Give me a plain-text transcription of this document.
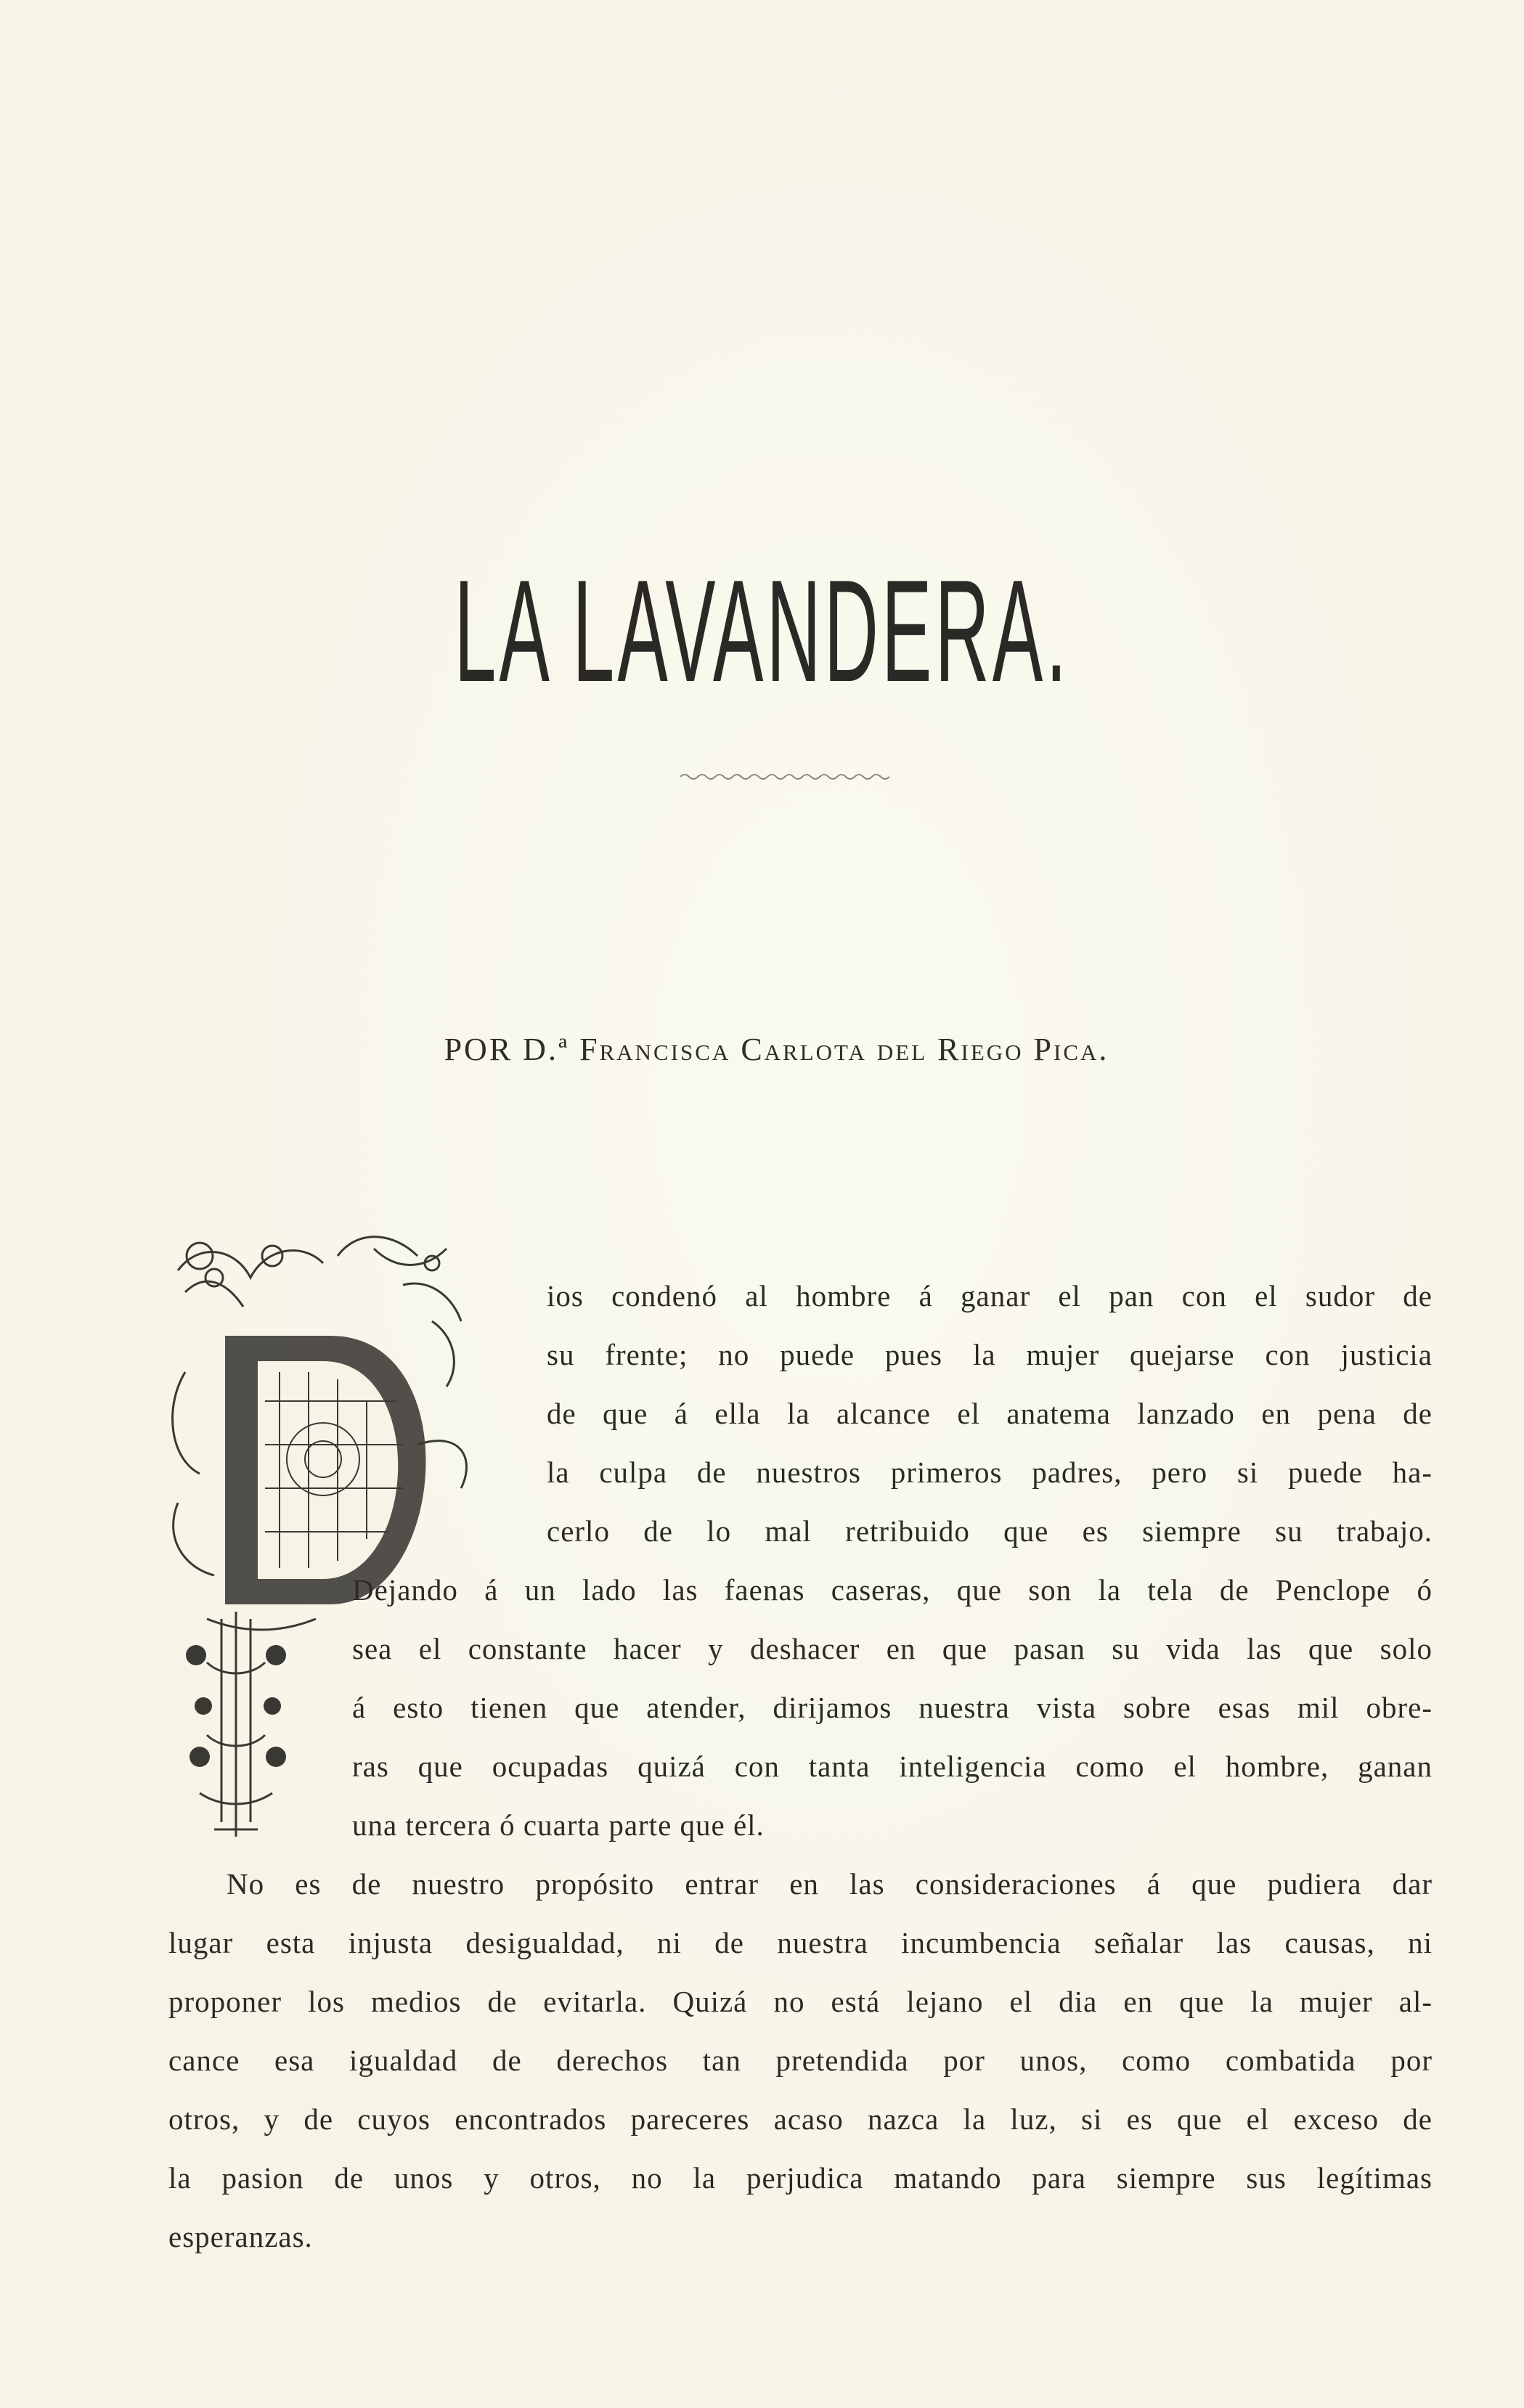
LA LAVANDERA.
POR D.ª Francisca Carlota del Riego Pica.
ios condenó al hombre á ganar el pan con el sudor de
su frente; no puede pues la mujer quejarse con justicia
de que á ella la alcance el anatema lanzado en pena de
la culpa de nuestros primeros padres, pero si puede ha-
cerlo de lo mal retribuido que es siempre su trabajo.
Dejando á un lado las faenas caseras, que son la tela de Penclope ó
sea el constante hacer y deshacer en que pasan su vida las que solo
á esto tienen que atender, dirijamos nuestra vista sobre esas mil obre-
ras que ocupadas quizá con tanta inteligencia como el hombre, ganan
una tercera ó cuarta parte que él.
No es de nuestro propósito entrar en las consideraciones á que pudiera dar
lugar esta injusta desigualdad, ni de nuestra incumbencia señalar las causas, ni
proponer los medios de evitarla. Quizá no está lejano el dia en que la mujer al-
cance esa igualdad de derechos tan pretendida por unos, como combatida por
otros, y de cuyos encontrados pareceres acaso nazca la luz, si es que el exceso de
la pasion de unos y otros, no la perjudica matando para siempre sus legítimas
esperanzas.
